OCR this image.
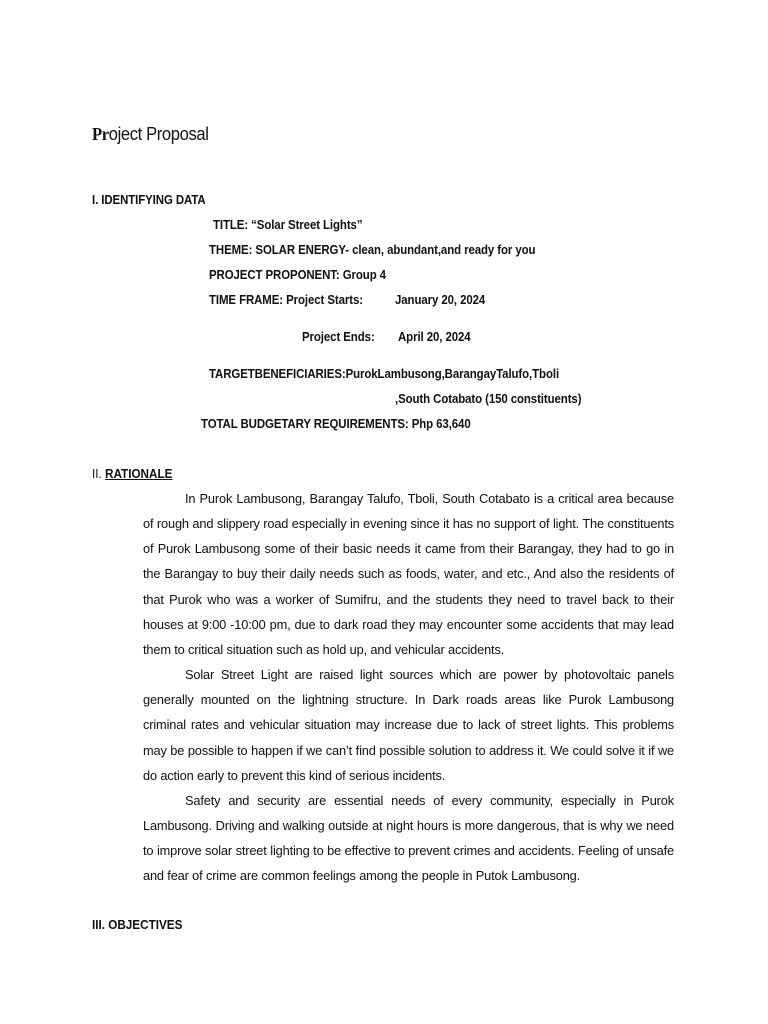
Project Proposal
I. IDENTIFYING DATA
TITLE: “Solar Street Lights”
THEME: SOLAR ENERGY- clean, abundant,and ready for you
PROJECT PROPONENT: Group 4
TIME FRAME: Project Starts: January 20, 2024
Project Ends: April 20, 2024
TARGETBENEFICIARIES:PurokLambusong,BarangayTalufo,Tboli
,South Cotabato (150 constituents)
TOTAL BUDGETARY REQUIREMENTS: Php 63,640
II. RATIONALE

In Purok Lambusong, Barangay Talufo, Tboli, South Cotabato is a critical area because of rough and slippery road especially in evening since it has no support of light. The constituents of Purok Lambusong some of their basic needs it came from their Barangay, they had to go in the Barangay to buy their daily needs such as foods, water, and etc., And also the residents of that Purok who was a worker of Sumifru, and the students they need to travel back to their houses at 9:00 -10:00 pm, due to dark road they may encounter some accidents that may lead them to critical situation such as hold up, and vehicular accidents.

Solar Street Light are raised light sources which are power by photovoltaic panels generally mounted on the lightning structure. In Dark roads areas like Purok Lambusong criminal rates and vehicular situation may increase due to lack of street lights. This problems may be possible to happen if we can’t find possible solution to address it. We could solve it if we do action early to prevent this kind of serious incidents.

Safety and security are essential needs of every community, especially in Purok Lambusong. Driving and walking outside at night hours is more dangerous, that is why we need to improve solar street lighting to be effective to prevent crimes and accidents. Feeling of unsafe and fear of crime are common feelings among the people in Putok Lambusong.

III. OBJECTIVES
